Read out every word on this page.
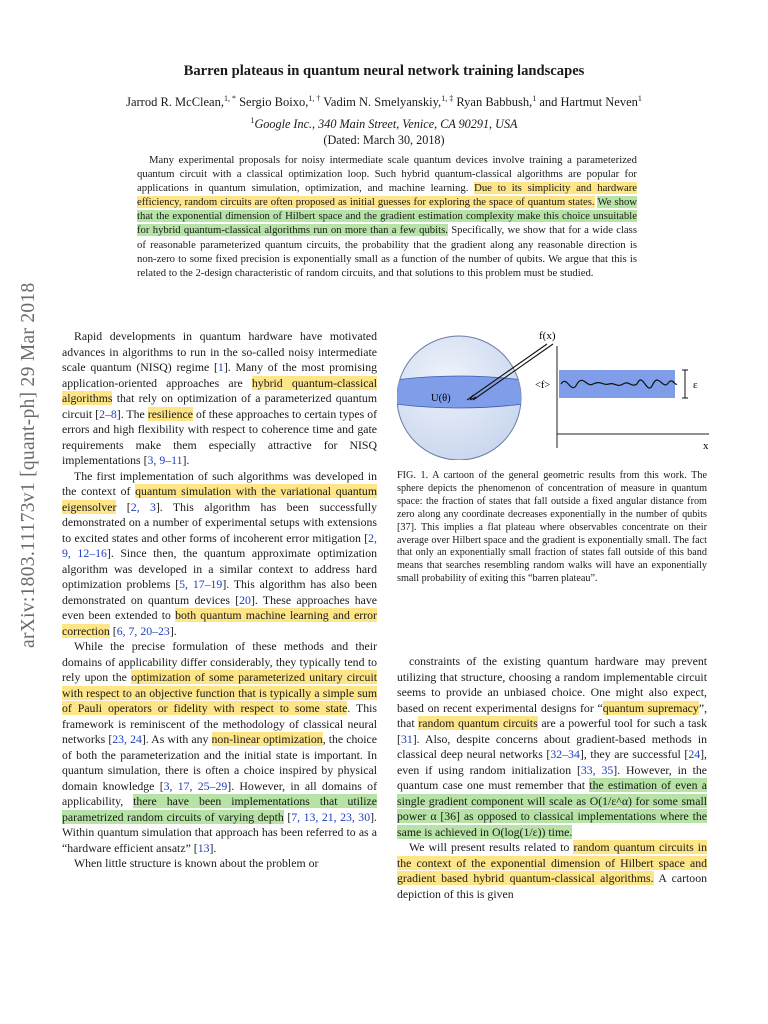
arXiv:1803.11173v1 [quant-ph] 29 Mar 2018
Barren plateaus in quantum neural network training landscapes
Jarrod R. McClean,$^{1, *}$ Sergio Boixo,$^{1, \dagger}$ Vadim N. Smelyanskiy,$^{1, \ddagger}$ Ryan Babbush,$^1$ and Hartmut Neven$^1$
$^1$Google Inc., 340 Main Street, Venice, CA 90291, USA
(Dated: March 30, 2018)
Many experimental proposals for noisy intermediate scale quantum devices involve training a parameterized quantum circuit with a classical optimization loop. Such hybrid quantum-classical algorithms are popular for applications in quantum simulation, optimization, and machine learning. Due to its simplicity and hardware efficiency, random circuits are often proposed as initial guesses for exploring the space of quantum states. We show that the exponential dimension of Hilbert space and the gradient estimation complexity make this choice unsuitable for hybrid quantum-classical algorithms run on more than a few qubits. Specifically, we show that for a wide class of reasonable parameterized quantum circuits, the probability that the gradient along any reasonable direction is non-zero to some fixed precision is exponentially small as a function of the number of qubits. We argue that this is related to the 2-design characteristic of random circuits, and that solutions to this problem must be studied.

Rapid developments in quantum hardware have motivated advances in algorithms to run in the so-called noisy intermediate scale quantum (NISQ) regime [1]. Many of the most promising application-oriented approaches are hybrid quantum-classical algorithms that rely on optimization of a parameterized quantum circuit [2–8]. The resilience of these approaches to certain types of errors and high flexibility with respect to coherence time and gate requirements make them especially attractive for NISQ implementations [3, 9–11].

The first implementation of such algorithms was developed in the context of quantum simulation with the variational quantum eigensolver [2, 3]. This algorithm has been successfully demonstrated on a number of experimental setups with extensions to excited states and other forms of incoherent error mitigation [2, 9, 12–16]. Since then, the quantum approximate optimization algorithm was developed in a similar context to address hard optimization problems [5, 17–19]. This algorithm has also been demonstrated on quantum devices [20]. These approaches have even been extended to both quantum machine learning and error correction [6, 7, 20–23].

While the precise formulation of these methods and their domains of applicability differ considerably, they typically tend to rely upon the optimization of some parameterized unitary circuit with respect to an objective function that is typically a simple sum of Pauli operators or fidelity with respect to some state. This framework is reminiscent of the methodology of classical neural networks [23, 24]. As with any non-linear optimization, the choice of both the parameterization and the initial state is important. In quantum simulation, there is often a choice inspired by physical domain knowledge [3, 17, 25–29]. However, in all domains of applicability, there have been implementations that utilize parametrized random circuits of varying depth [7, 13, 21, 23, 30]. Within quantum simulation that approach has been referred to as a “hardware efficient ansatz” [13].

When little structure is known about the problem or

U(θ)
f(x)
x
<f>	ε
FIG. 1. A cartoon of the general geometric results from this work. The sphere depicts the phenomenon of concentration of measure in quantum space: the fraction of states that fall outside a fixed angular distance from zero along any coordinate decreases exponentially in the number of qubits [37]. This implies a flat plateau where observables concentrate on their average over Hilbert space and the gradient is exponentially small. The fact that only an exponentially small fraction of states fall outside of this band means that searches resembling random walks will have an exponentially small probability of exiting this “barren plateau”.

constraints of the existing quantum hardware may prevent utilizing that structure, choosing a random implementable circuit seems to provide an unbiased choice. One might also expect, based on recent experimental designs for “quantum supremacy”, that random quantum circuits are a powerful tool for such a task [31]. Also, despite concerns about gradient-based methods in classical deep neural networks [32–34], they are successful [24], even if using random initialization [33, 35]. However, in the quantum case one must remember that the estimation of even a single gradient component will scale as O(1/ε^α) for some small power α [36] as opposed to classical implementations where the same is achieved in O(log(1/ε)) time.

We will present results related to random quantum circuits in the context of the exponential dimension of Hilbert space and gradient based hybrid quantum-classical algorithms. A cartoon depiction of this is given
